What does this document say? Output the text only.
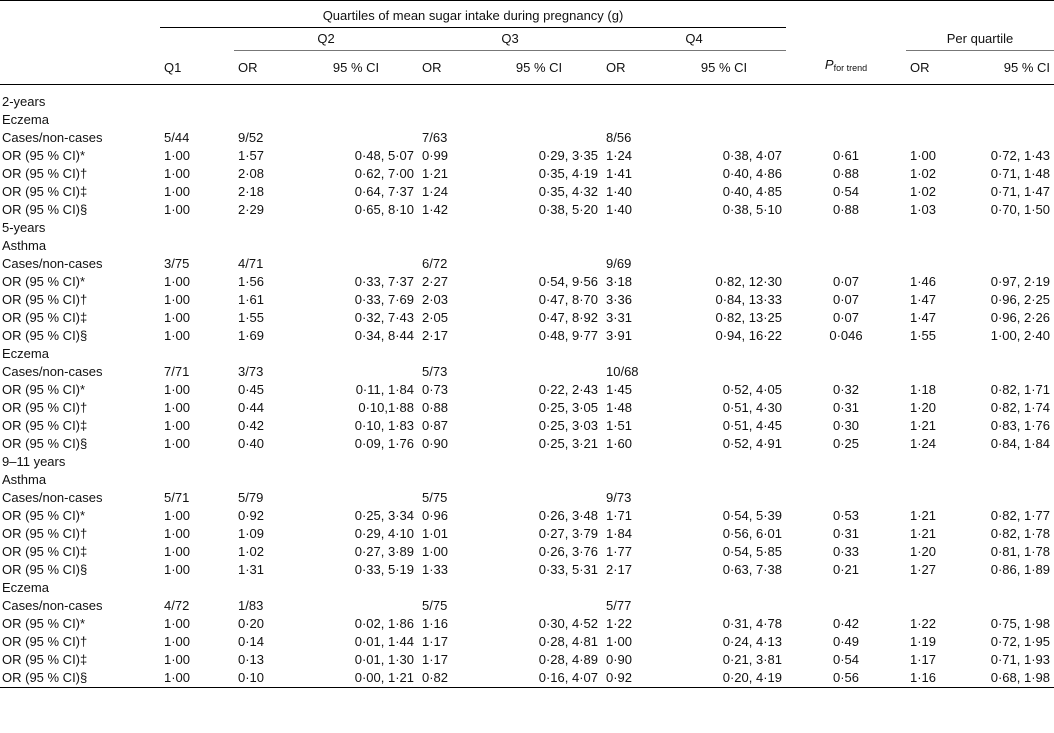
	Quartiles of mean sugar intake during pregnancy (g)									
		Q2		Q3		Q4			Per quartile	
	Q1	OR	95 % CI	OR	95 % CI	OR	95 % CI	$P_{for trend}$	OR	95 % CI

2-years										
Eczema										
Cases/non-cases	5/44	9/52		7/63		8/56				
OR (95 % CI)*	1·00	1·57	0·48, 5·07	0·99	0·29, 3·35	1·24	0·38, 4·07	0·61	1·00	0·72, 1·43
OR (95 % CI)†	1·00	2·08	0·62, 7·00	1·21	0·35, 4·19	1·41	0·40, 4·86	0·88	1·02	0·71, 1·48
OR (95 % CI)‡	1·00	2·18	0·64, 7·37	1·24	0·35, 4·32	1·40	0·40, 4·85	0·54	1·02	0·71, 1·47
OR (95 % CI)§	1·00	2·29	0·65, 8·10	1·42	0·38, 5·20	1·40	0·38, 5·10	0·88	1·03	0·70, 1·50
5-years										
Asthma										
Cases/non-cases	3/75	4/71		6/72		9/69				
OR (95 % CI)*	1·00	1·56	0·33, 7·37	2·27	0·54, 9·56	3·18	0·82, 12·30	0·07	1·46	0·97, 2·19
OR (95 % CI)†	1·00	1·61	0·33, 7·69	2·03	0·47, 8·70	3·36	0·84, 13·33	0·07	1·47	0·96, 2·25
OR (95 % CI)‡	1·00	1·55	0·32, 7·43	2·05	0·47, 8·92	3·31	0·82, 13·25	0·07	1·47	0·96, 2·26
OR (95 % CI)§	1·00	1·69	0·34, 8·44	2·17	0·48, 9·77	3·91	0·94, 16·22	0·046	1·55	1·00, 2·40
Eczema										
Cases/non-cases	7/71	3/73		5/73		10/68				
OR (95 % CI)*	1·00	0·45	0·11, 1·84	0·73	0·22, 2·43	1·45	0·52, 4·05	0·32	1·18	0·82, 1·71
OR (95 % CI)†	1·00	0·44	0·10,1·88	0·88	0·25, 3·05	1·48	0·51, 4·30	0·31	1·20	0·82, 1·74
OR (95 % CI)‡	1·00	0·42	0·10, 1·83	0·87	0·25, 3·03	1·51	0·51, 4·45	0·30	1·21	0·83, 1·76
OR (95 % CI)§	1·00	0·40	0·09, 1·76	0·90	0·25, 3·21	1·60	0·52, 4·91	0·25	1·24	0·84, 1·84
9–11 years										
Asthma										
Cases/non-cases	5/71	5/79		5/75		9/73				
OR (95 % CI)*	1·00	0·92	0·25, 3·34	0·96	0·26, 3·48	1·71	0·54, 5·39	0·53	1·21	0·82, 1·77
OR (95 % CI)†	1·00	1·09	0·29, 4·10	1·01	0·27, 3·79	1·84	0·56, 6·01	0·31	1·21	0·82, 1·78
OR (95 % CI)‡	1·00	1·02	0·27, 3·89	1·00	0·26, 3·76	1·77	0·54, 5·85	0·33	1·20	0·81, 1·78
OR (95 % CI)§	1·00	1·31	0·33, 5·19	1·33	0·33, 5·31	2·17	0·63, 7·38	0·21	1·27	0·86, 1·89
Eczema										
Cases/non-cases	4/72	1/83		5/75		5/77				
OR (95 % CI)*	1·00	0·20	0·02, 1·86	1·16	0·30, 4·52	1·22	0·31, 4·78	0·42	1·22	0·75, 1·98
OR (95 % CI)†	1·00	0·14	0·01, 1·44	1·17	0·28, 4·81	1·00	0·24, 4·13	0·49	1·19	0·72, 1·95
OR (95 % CI)‡	1·00	0·13	0·01, 1·30	1·17	0·28, 4·89	0·90	0·21, 3·81	0·54	1·17	0·71, 1·93
OR (95 % CI)§	1·00	0·10	0·00, 1·21	0·82	0·16, 4·07	0·92	0·20, 4·19	0·56	1·16	0·68, 1·98
